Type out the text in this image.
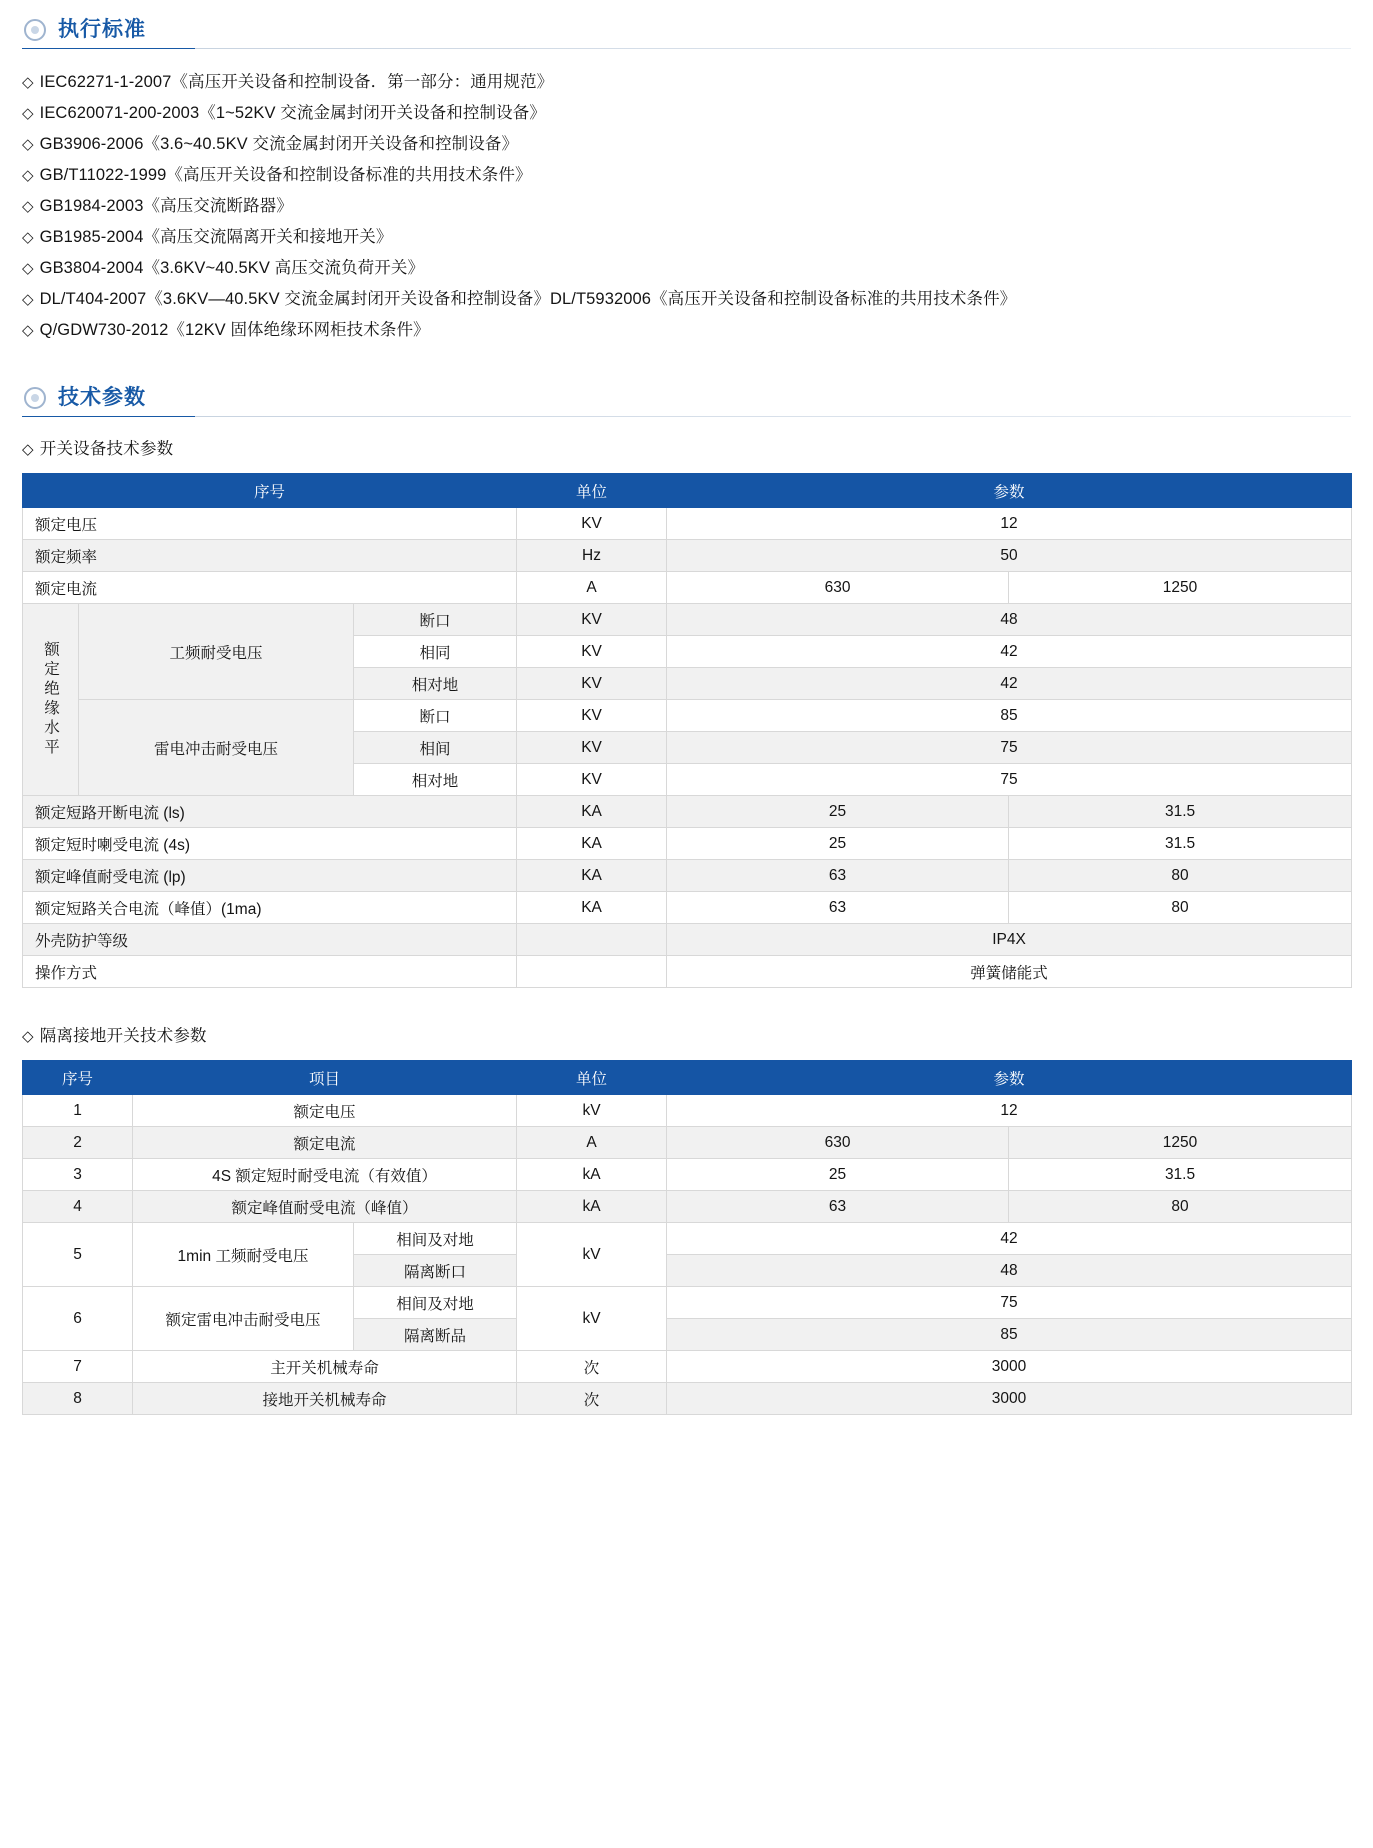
执行标准
◇ IEC62271-1-2007《高压开关设备和控制设备．第一部分：通用规范》
◇ IEC620071-200-2003《1~52KV 交流金属封闭开关设备和控制设备》
◇ GB3906-2006《3.6~40.5KV 交流金属封闭开关设备和控制设备》
◇ GB/T11022-1999《高压开关设备和控制设备标准的共用技术条件》
◇ GB1984-2003《高压交流断路器》
◇ GB1985-2004《高压交流隔离开关和接地开关》
◇ GB3804-2004《3.6KV~40.5KV 高压交流负荷开关》
◇ DL/T404-2007《3.6KV—40.5KV 交流金属封闭开关设备和控制设备》DL/T5932006《高压开关设备和控制设备标准的共用技术条件》
◇ Q/GDW730-2012《12KV 固体绝缘环网柜技术条件》
技术参数
◇ 开关设备技术参数
序号			单位	参数	
额定电压			KV	12	
额定频率			Hz	50	
额定电流			A	630	1250
额定绝缘水平	工频耐受电压	断口	KV	48	
		相同	KV	42	
		相对地	KV	42	
	雷电冲击耐受电压	断口	KV	85	
		相间	KV	75	
		相对地	KV	75	
额定短路开断电流 (ls)			KA	25	31.5
额定短时喇受电流 (4s)			KA	25	31.5
额定峰值耐受电流 (lp)			KA	63	80
额定短路关合电流（峰值）(1ma)			KA	63	80
外壳防护等级				IP4X	
操作方式				弹簧储能式	
◇ 隔离接地开关技术参数
序号	项目		单位	参数	
1	额定电压		kV	12	
2	额定电流		A	630	1250
3	4S 额定短时耐受电流（有效值）		kA	25	31.5
4	额定峰值耐受电流（峰值）		kA	63	80
5	1min 工频耐受电压	相间及对地	kV	42	
		隔离断口		48	
6	额定雷电冲击耐受电压	相间及对地	kV	75	
		隔离断品		85	
7	主开关机械寿命		次	3000	
8	接地开关机械寿命		次	3000	
